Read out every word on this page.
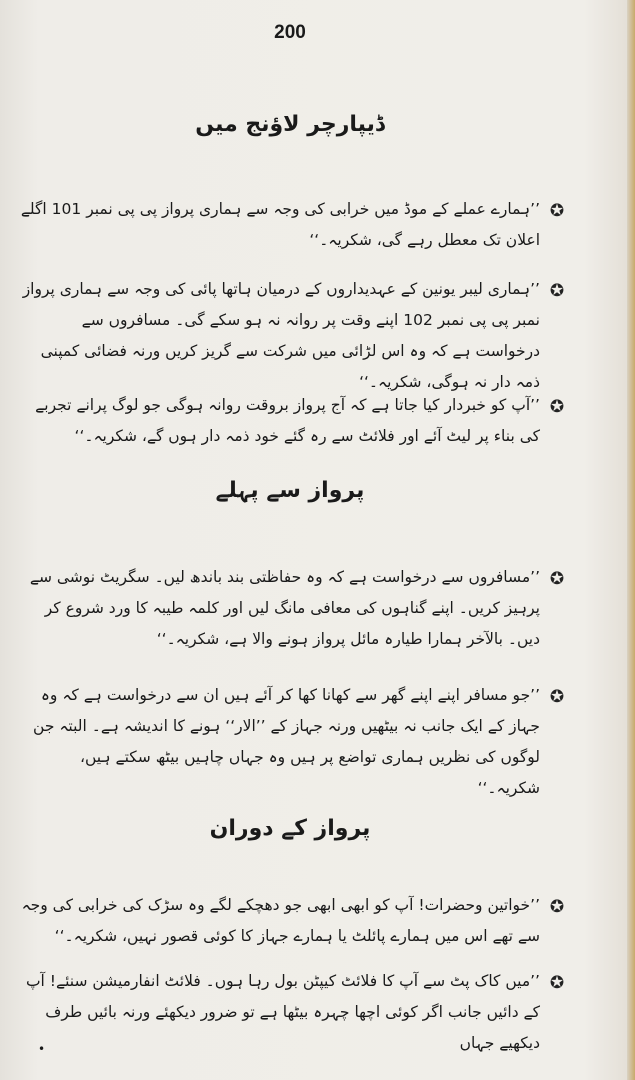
200
ڈیپارچر لاؤنج میں
✪
’’ہمارے عملے کے موڈ میں خرابی کی وجہ سے ہماری پرواز پی پی نمبر 101 اگلے اعلان تک معطل رہے گی، شکریہ۔‘‘
✪
’’ہماری لیبر یونین کے عہدیداروں کے درمیان ہاتھا پائی کی وجہ سے ہماری پرواز نمبر پی پی نمبر 102 اپنے وقت پر روانہ نہ ہو سکے گی۔ مسافروں سے درخواست ہے کہ وہ اس لڑائی میں شرکت سے گریز کریں ورنہ فضائی کمپنی ذمہ دار نہ ہوگی، شکریہ۔‘‘
✪
’’آپ کو خبردار کیا جاتا ہے کہ آج پرواز بروقت روانہ ہوگی جو لوگ پرانے تجربے کی بناء پر لیٹ آئے اور فلائٹ سے رہ گئے خود ذمہ دار ہوں گے، شکریہ۔‘‘
پرواز سے پہلے
✪
’’مسافروں سے درخواست ہے کہ وہ حفاظتی بند باندھ لیں۔ سگریٹ نوشی سے پرہیز کریں۔ اپنے گناہوں کی معافی مانگ لیں اور کلمہ طیبہ کا ورد شروع کر دیں۔ بالآخر ہمارا طیارہ مائل پرواز ہونے والا ہے، شکریہ۔‘‘
✪
’’جو مسافر اپنے اپنے گھر سے کھانا کھا کر آئے ہیں ان سے درخواست ہے کہ وہ جہاز کے ایک جانب نہ بیٹھیں ورنہ جہاز کے ’’الار‘‘ ہونے کا اندیشہ ہے۔ البتہ جن لوگوں کی نظریں ہماری تواضع پر ہیں وہ جہاں چاہیں بیٹھ سکتے ہیں، شکریہ۔‘‘
پرواز کے دوران
✪
’’خواتین وحضرات! آپ کو ابھی ابھی جو دھچکے لگے وہ سڑک کی خرابی کی وجہ سے تھے اس میں ہمارے پائلٹ یا ہمارے جہاز کا کوئی قصور نہیں، شکریہ۔‘‘
✪
’’میں کاک پٹ سے آپ کا فلائٹ کیپٹن بول رہا ہوں۔ فلائٹ انفارمیشن سنئے! آپ کے دائیں جانب اگر کوئی اچھا چہرہ بیٹھا ہے تو ضرور دیکھئے ورنہ بائیں طرف دیکھیے جہاں
•
